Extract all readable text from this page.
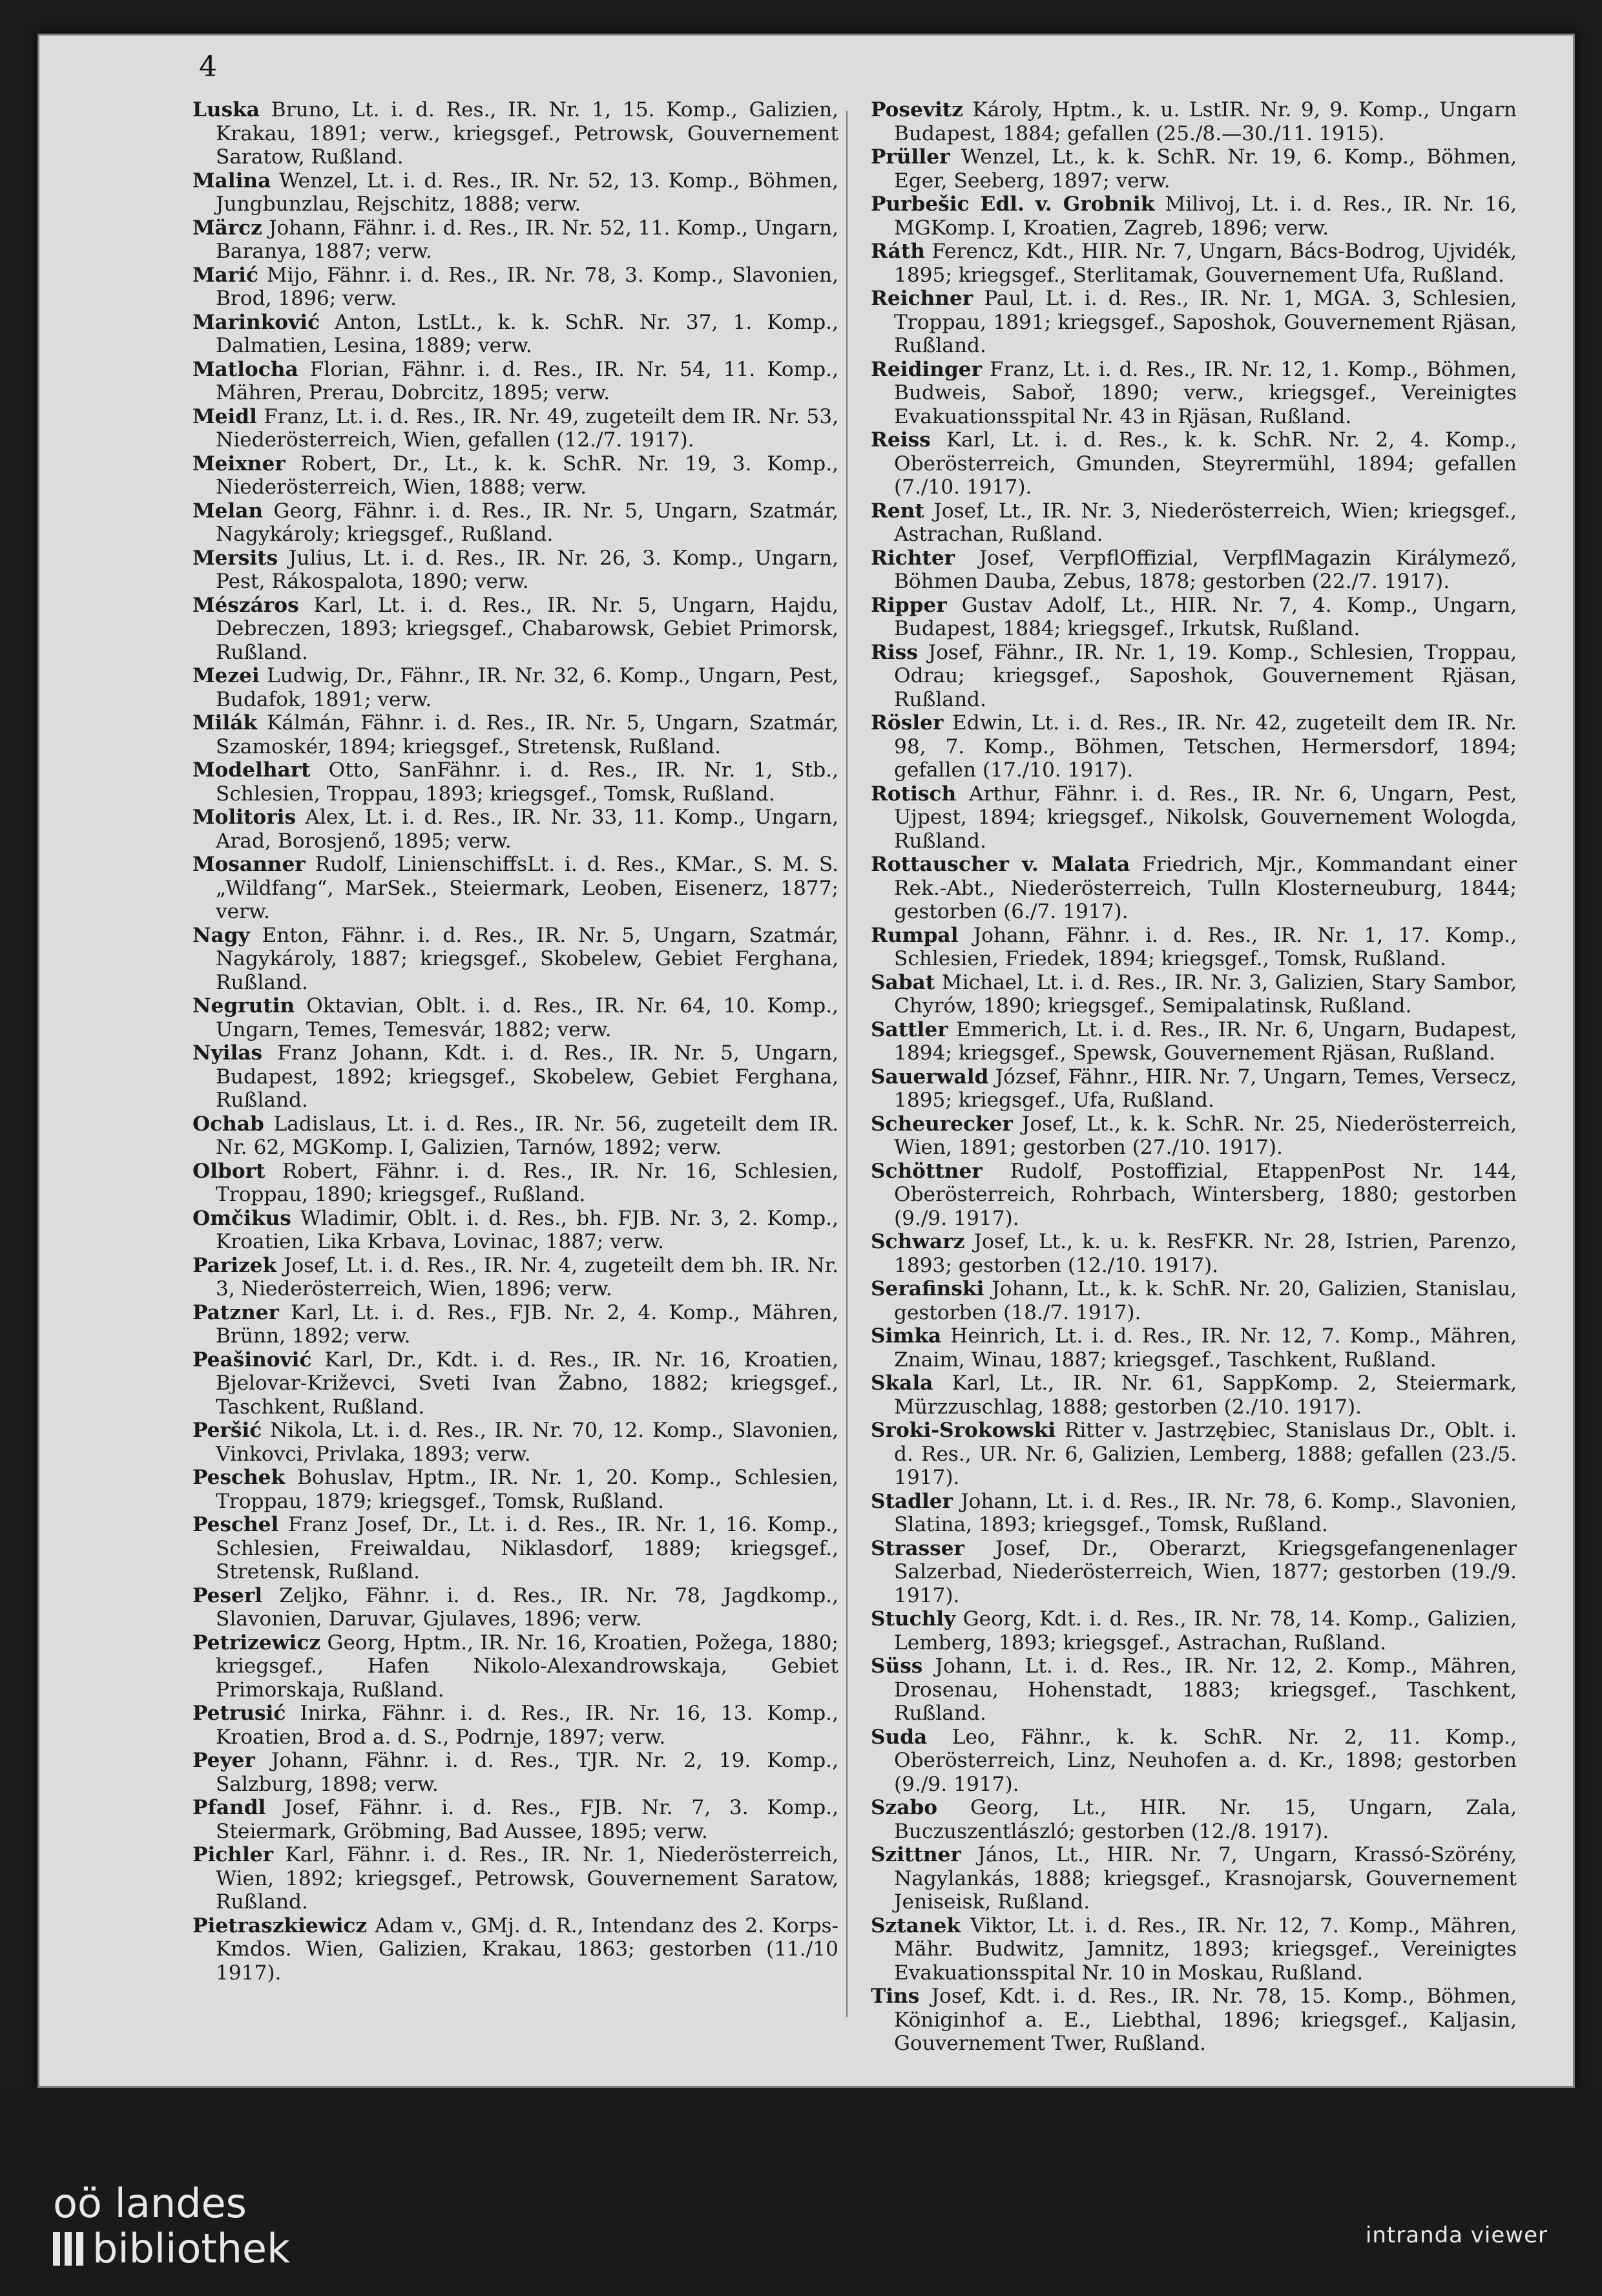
4

Luska Bruno, Lt. i. d. Res., IR. Nr. 1, 15. Komp., Galizien, Krakau, 1891; verw., kriegsgef., Petrowsk, Gouvernement Saratow, Rußland.

Malina Wenzel, Lt. i. d. Res., IR. Nr. 52, 13. Komp., Böhmen, Jungbunzlau, Rejschitz, 1888; verw.

Märcz Johann, Fähnr. i. d. Res., IR. Nr. 52, 11. Komp., Ungarn, Baranya, 1887; verw.

Marić Mijo, Fähnr. i. d. Res., IR. Nr. 78, 3. Komp., Slavonien, Brod, 1896; verw.

Marinković Anton, LstLt., k. k. SchR. Nr. 37, 1. Komp., Dalmatien, Lesina, 1889; verw.

Matlocha Florian, Fähnr. i. d. Res., IR. Nr. 54, 11. Komp., Mähren, Prerau, Dobrcitz, 1895; verw.

Meidl Franz, Lt. i. d. Res., IR. Nr. 49, zugeteilt dem IR. Nr. 53, Niederösterreich, Wien, gefallen (12./7. 1917).

Meixner Robert, Dr., Lt., k. k. SchR. Nr. 19, 3. Komp., Niederösterreich, Wien, 1888; verw.

Melan Georg, Fähnr. i. d. Res., IR. Nr. 5, Ungarn, Szatmár, Nagykároly; kriegsgef., Rußland.

Mersits Julius, Lt. i. d. Res., IR. Nr. 26, 3. Komp., Ungarn, Pest, Rákospalota, 1890; verw.

Mészáros Karl, Lt. i. d. Res., IR. Nr. 5, Ungarn, Hajdu, Debreczen, 1893; kriegsgef., Chabarowsk, Gebiet Primorsk, Rußland.

Mezei Ludwig, Dr., Fähnr., IR. Nr. 32, 6. Komp., Ungarn, Pest, Budafok, 1891; verw.

Milák Kálmán, Fähnr. i. d. Res., IR. Nr. 5, Ungarn, Szatmár, Szamoskér, 1894; kriegsgef., Stretensk, Rußland.

Modelhart Otto, SanFähnr. i. d. Res., IR. Nr. 1, Stb., Schlesien, Troppau, 1893; kriegsgef., Tomsk, Rußland.

Molitoris Alex, Lt. i. d. Res., IR. Nr. 33, 11. Komp., Ungarn, Arad, Borosjenő, 1895; verw.

Mosanner Rudolf, LinienschiffsLt. i. d. Res., KMar., S. M. S. „Wildfang“, MarSek., Steiermark, Leoben, Eisenerz, 1877; verw.

Nagy Enton, Fähnr. i. d. Res., IR. Nr. 5, Ungarn, Szatmár, Nagykároly, 1887; kriegsgef., Skobelew, Gebiet Ferghana, Rußland.

Negrutin Oktavian, Oblt. i. d. Res., IR. Nr. 64, 10. Komp., Ungarn, Temes, Temesvár, 1882; verw.

Nyilas Franz Johann, Kdt. i. d. Res., IR. Nr. 5, Ungarn, Budapest, 1892; kriegsgef., Skobelew, Gebiet Ferghana, Rußland.

Ochab Ladislaus, Lt. i. d. Res., IR. Nr. 56, zugeteilt dem IR. Nr. 62, MGKomp. I, Galizien, Tarnów, 1892; verw.

Olbort Robert, Fähnr. i. d. Res., IR. Nr. 16, Schlesien, Troppau, 1890; kriegsgef., Rußland.

Omčikus Wladimir, Oblt. i. d. Res., bh. FJB. Nr. 3, 2. Komp., Kroatien, Lika Krbava, Lovinac, 1887; verw.

Parizek Josef, Lt. i. d. Res., IR. Nr. 4, zugeteilt dem bh. IR. Nr. 3, Niederösterreich, Wien, 1896; verw.

Patzner Karl, Lt. i. d. Res., FJB. Nr. 2, 4. Komp., Mähren, Brünn, 1892; verw.

Peašinović Karl, Dr., Kdt. i. d. Res., IR. Nr. 16, Kroatien, Bjelovar-Križevci, Sveti Ivan Žabno, 1882; kriegsgef., Taschkent, Rußland.

Peršić Nikola, Lt. i. d. Res., IR. Nr. 70, 12. Komp., Slavonien, Vinkovci, Privlaka, 1893; verw.

Peschek Bohuslav, Hptm., IR. Nr. 1, 20. Komp., Schlesien, Troppau, 1879; kriegsgef., Tomsk, Rußland.

Peschel Franz Josef, Dr., Lt. i. d. Res., IR. Nr. 1, 16. Komp., Schlesien, Freiwaldau, Niklasdorf, 1889; kriegsgef., Stretensk, Rußland.

Peserl Zeljko, Fähnr. i. d. Res., IR. Nr. 78, Jagdkomp., Slavonien, Daruvar, Gjulaves, 1896; verw.

Petrizewicz Georg, Hptm., IR. Nr. 16, Kroatien, Požega, 1880; kriegsgef., Hafen Nikolo-Alexandrowskaja, Gebiet Primorskaja, Rußland.

Petrusić Inirka, Fähnr. i. d. Res., IR. Nr. 16, 13. Komp., Kroatien, Brod a. d. S., Podrnje, 1897; verw.

Peyer Johann, Fähnr. i. d. Res., TJR. Nr. 2, 19. Komp., Salzburg, 1898; verw.

Pfandl Josef, Fähnr. i. d. Res., FJB. Nr. 7, 3. Komp., Steiermark, Gröbming, Bad Aussee, 1895; verw.

Pichler Karl, Fähnr. i. d. Res., IR. Nr. 1, Niederösterreich, Wien, 1892; kriegsgef., Petrowsk, Gouvernement Saratow, Rußland.

Pietraszkiewicz Adam v., GMj. d. R., Intendanz des 2. Korps-Kmdos. Wien, Galizien, Krakau, 1863; gestorben (11./10 1917).

Posevitz Károly, Hptm., k. u. LstIR. Nr. 9, 9. Komp., Ungarn Budapest, 1884; gefallen (25./8.—30./11. 1915).

Prüller Wenzel, Lt., k. k. SchR. Nr. 19, 6. Komp., Böhmen, Eger, Seeberg, 1897; verw.

Purbešic Edl. v. Grobnik Milivoj, Lt. i. d. Res., IR. Nr. 16, MGKomp. I, Kroatien, Zagreb, 1896; verw.

Ráth Ferencz, Kdt., HIR. Nr. 7, Ungarn, Bács-Bodrog, Ujvidék, 1895; kriegsgef., Sterlitamak, Gouvernement Ufa, Rußland.

Reichner Paul, Lt. i. d. Res., IR. Nr. 1, MGA. 3, Schlesien, Troppau, 1891; kriegsgef., Saposhok, Gouvernement Rjäsan, Rußland.

Reidinger Franz, Lt. i. d. Res., IR. Nr. 12, 1. Komp., Böhmen, Budweis, Saboř, 1890; verw., kriegsgef., Vereinigtes Evakuationsspital Nr. 43 in Rjäsan, Rußland.

Reiss Karl, Lt. i. d. Res., k. k. SchR. Nr. 2, 4. Komp., Oberösterreich, Gmunden, Steyrermühl, 1894; gefallen (7./10. 1917).

Rent Josef, Lt., IR. Nr. 3, Niederösterreich, Wien; kriegsgef., Astrachan, Rußland.

Richter Josef, VerpflOffizial, VerpflMagazin Királymező, Böhmen Dauba, Zebus, 1878; gestorben (22./7. 1917).

Ripper Gustav Adolf, Lt., HIR. Nr. 7, 4. Komp., Ungarn, Budapest, 1884; kriegsgef., Irkutsk, Rußland.

Riss Josef, Fähnr., IR. Nr. 1, 19. Komp., Schlesien, Troppau, Odrau; kriegsgef., Saposhok, Gouvernement Rjäsan, Rußland.

Rösler Edwin, Lt. i. d. Res., IR. Nr. 42, zugeteilt dem IR. Nr. 98, 7. Komp., Böhmen, Tetschen, Hermersdorf, 1894; gefallen (17./10. 1917).

Rotisch Arthur, Fähnr. i. d. Res., IR. Nr. 6, Ungarn, Pest, Ujpest, 1894; kriegsgef., Nikolsk, Gouvernement Wologda, Rußland.

Rottauscher v. Malata Friedrich, Mjr., Kommandant einer Rek.-Abt., Niederösterreich, Tulln Klosterneuburg, 1844; gestorben (6./7. 1917).

Rumpal Johann, Fähnr. i. d. Res., IR. Nr. 1, 17. Komp., Schlesien, Friedek, 1894; kriegsgef., Tomsk, Rußland.

Sabat Michael, Lt. i. d. Res., IR. Nr. 3, Galizien, Stary Sambor, Chyrów, 1890; kriegsgef., Semipalatinsk, Rußland.

Sattler Emmerich, Lt. i. d. Res., IR. Nr. 6, Ungarn, Budapest, 1894; kriegsgef., Spewsk, Gouvernement Rjäsan, Rußland.

Sauerwald József, Fähnr., HIR. Nr. 7, Ungarn, Temes, Versecz, 1895; kriegsgef., Ufa, Rußland.

Scheurecker Josef, Lt., k. k. SchR. Nr. 25, Niederösterreich, Wien, 1891; gestorben (27./10. 1917).

Schöttner Rudolf, Postoffizial, EtappenPost Nr. 144, Oberösterreich, Rohrbach, Wintersberg, 1880; gestorben (9./9. 1917).

Schwarz Josef, Lt., k. u. k. ResFKR. Nr. 28, Istrien, Parenzo, 1893; gestorben (12./10. 1917).

Serafinski Johann, Lt., k. k. SchR. Nr. 20, Galizien, Stanislau, gestorben (18./7. 1917).

Simka Heinrich, Lt. i. d. Res., IR. Nr. 12, 7. Komp., Mähren, Znaim, Winau, 1887; kriegsgef., Taschkent, Rußland.

Skala Karl, Lt., IR. Nr. 61, SappKomp. 2, Steiermark, Mürzzuschlag, 1888; gestorben (2./10. 1917).

Sroki-Srokowski Ritter v. Jastrzębiec, Stanislaus Dr., Oblt. i. d. Res., UR. Nr. 6, Galizien, Lemberg, 1888; gefallen (23./5. 1917).

Stadler Johann, Lt. i. d. Res., IR. Nr. 78, 6. Komp., Slavonien, Slatina, 1893; kriegsgef., Tomsk, Rußland.

Strasser Josef, Dr., Oberarzt, Kriegsgefangenenlager Salzerbad, Niederösterreich, Wien, 1877; gestorben (19./9. 1917).

Stuchly Georg, Kdt. i. d. Res., IR. Nr. 78, 14. Komp., Galizien, Lemberg, 1893; kriegsgef., Astrachan, Rußland.

Süss Johann, Lt. i. d. Res., IR. Nr. 12, 2. Komp., Mähren, Drosenau, Hohenstadt, 1883; kriegsgef., Taschkent, Rußland.

Suda Leo, Fähnr., k. k. SchR. Nr. 2, 11. Komp., Oberösterreich, Linz, Neuhofen a. d. Kr., 1898; gestorben (9./9. 1917).

Szabo Georg, Lt., HIR. Nr. 15, Ungarn, Zala, Buczuszentlászló; gestorben (12./8. 1917).

Szittner János, Lt., HIR. Nr. 7, Ungarn, Krassó-Szörény, Nagylankás, 1888; kriegsgef., Krasnojarsk, Gouvernement Jeniseisk, Rußland.

Sztanek Viktor, Lt. i. d. Res., IR. Nr. 12, 7. Komp., Mähren, Mähr. Budwitz, Jamnitz, 1893; kriegsgef., Vereinigtes Evakuationsspital Nr. 10 in Moskau, Rußland.

Tins Josef, Kdt. i. d. Res., IR. Nr. 78, 15. Komp., Böhmen, Königinhof a. E., Liebthal, 1896; kriegsgef., Kaljasin, Gouvernement Twer, Rußland.

oö landes
bibliothek	intranda viewer
